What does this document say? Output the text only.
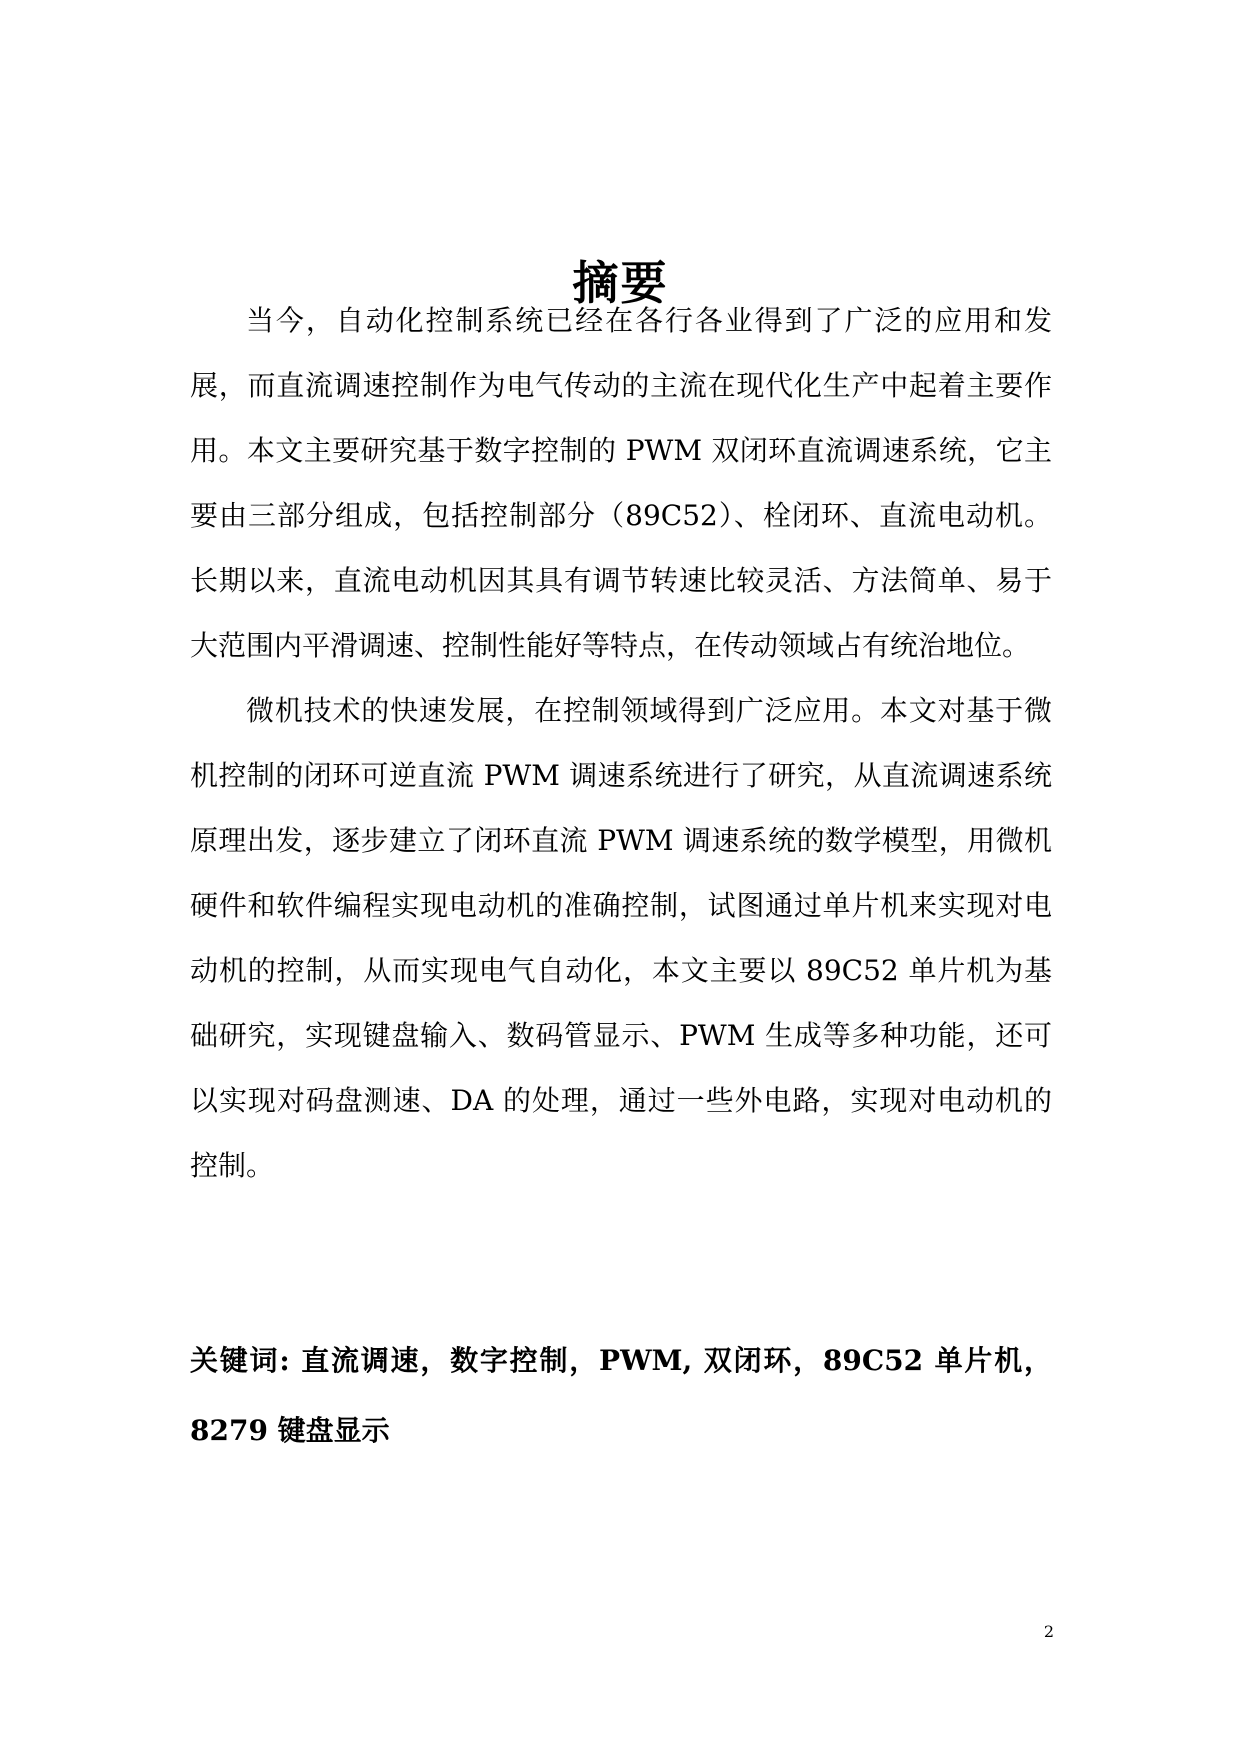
摘要

当今，自动化控制系统已经在各行各业得到了广泛的应用和发展，而直流调速控制作为电气传动的主流在现代化生产中起着主要作用。本文主要研究基于数字控制的 PWM 双闭环直流调速系统，它主要由三部分组成，包括控制部分（89C52）、栓闭环、直流电动机。长期以来，直流电动机因其具有调节转速比较灵活、方法简单、易于大范围内平滑调速、控制性能好等特点，在传动领域占有统治地位。

微机技术的快速发展，在控制领域得到广泛应用。本文对基于微机控制的闭环可逆直流 PWM 调速系统进行了研究，从直流调速系统原理出发，逐步建立了闭环直流 PWM 调速系统的数学模型，用微机硬件和软件编程实现电动机的准确控制，试图通过单片机来实现对电动机的控制，从而实现电气自动化，本文主要以 89C52 单片机为基础研究，实现键盘输入、数码管显示、PWM 生成等多种功能，还可以实现对码盘测速、DA 的处理，通过一些外电路，实现对电动机的控制。

关键词: 直流调速，数字控制，PWM, 双闭环，89C52 单片机，8279 键盘显示
2
